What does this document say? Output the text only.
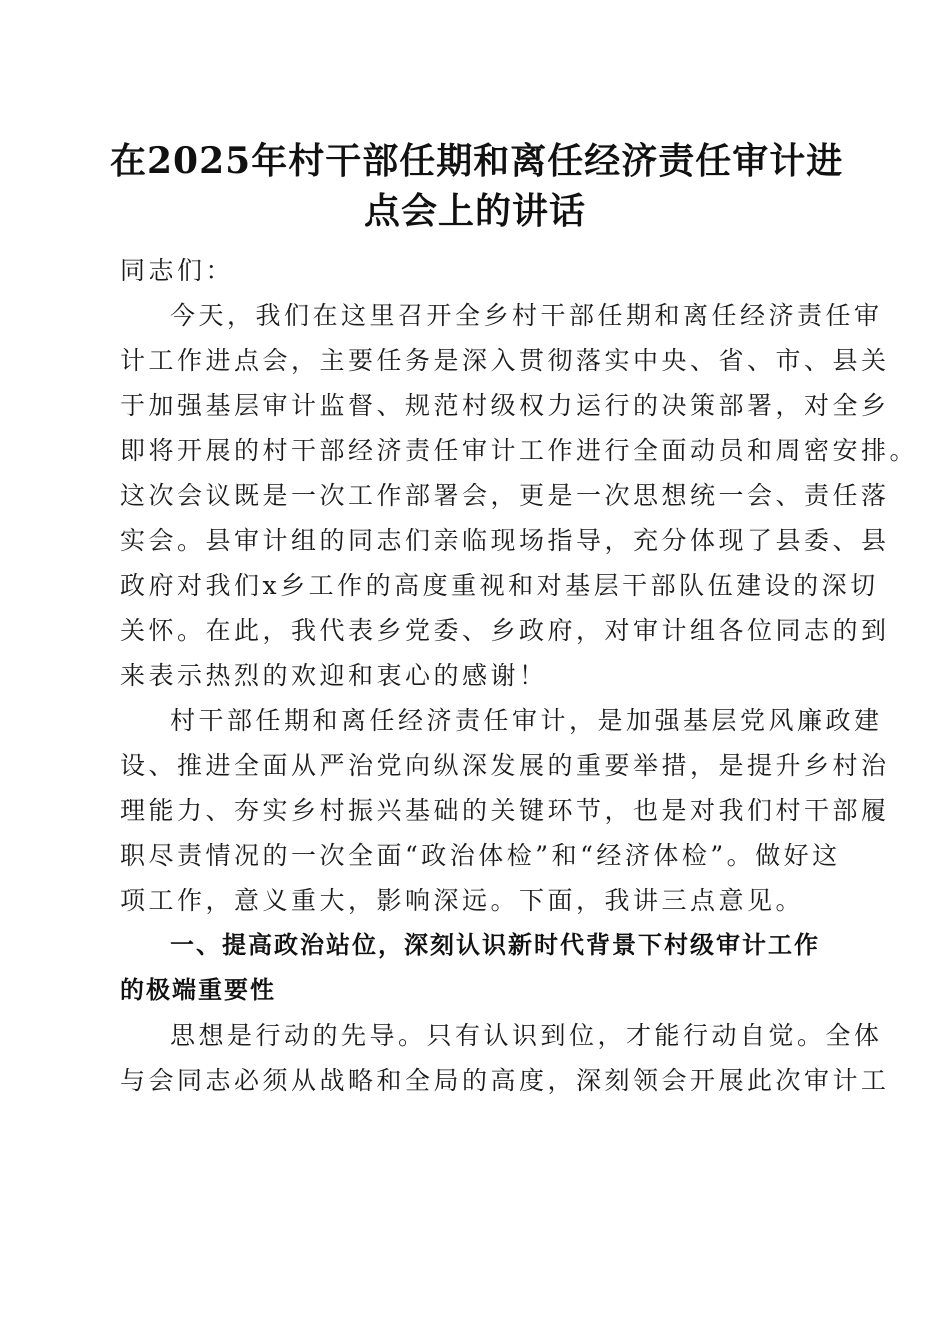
在2025年村干部任期和离任经济责任审计进
点会上的讲话
同志们：
今天，我们在这里召开全乡村干部任期和离任经济责任审
计工作进点会，主要任务是深入贯彻落实中央、省、市、县关
于加强基层审计监督、规范村级权力运行的决策部署，对全乡
即将开展的村干部经济责任审计工作进行全面动员和周密安排。
这次会议既是一次工作部署会，更是一次思想统一会、责任落
实会。县审计组的同志们亲临现场指导，充分体现了县委、县
政府对我们x乡工作的高度重视和对基层干部队伍建设的深切
关怀。在此，我代表乡党委、乡政府，对审计组各位同志的到
来表示热烈的欢迎和衷心的感谢！
村干部任期和离任经济责任审计，是加强基层党风廉政建
设、推进全面从严治党向纵深发展的重要举措，是提升乡村治
理能力、夯实乡村振兴基础的关键环节，也是对我们村干部履
职尽责情况的一次全面“政治体检”和“经济体检”。做好这
项工作，意义重大，影响深远。下面，我讲三点意见。
一、提高政治站位，深刻认识新时代背景下村级审计工作
的极端重要性
思想是行动的先导。只有认识到位，才能行动自觉。全体
与会同志必须从战略和全局的高度，深刻领会开展此次审计工
